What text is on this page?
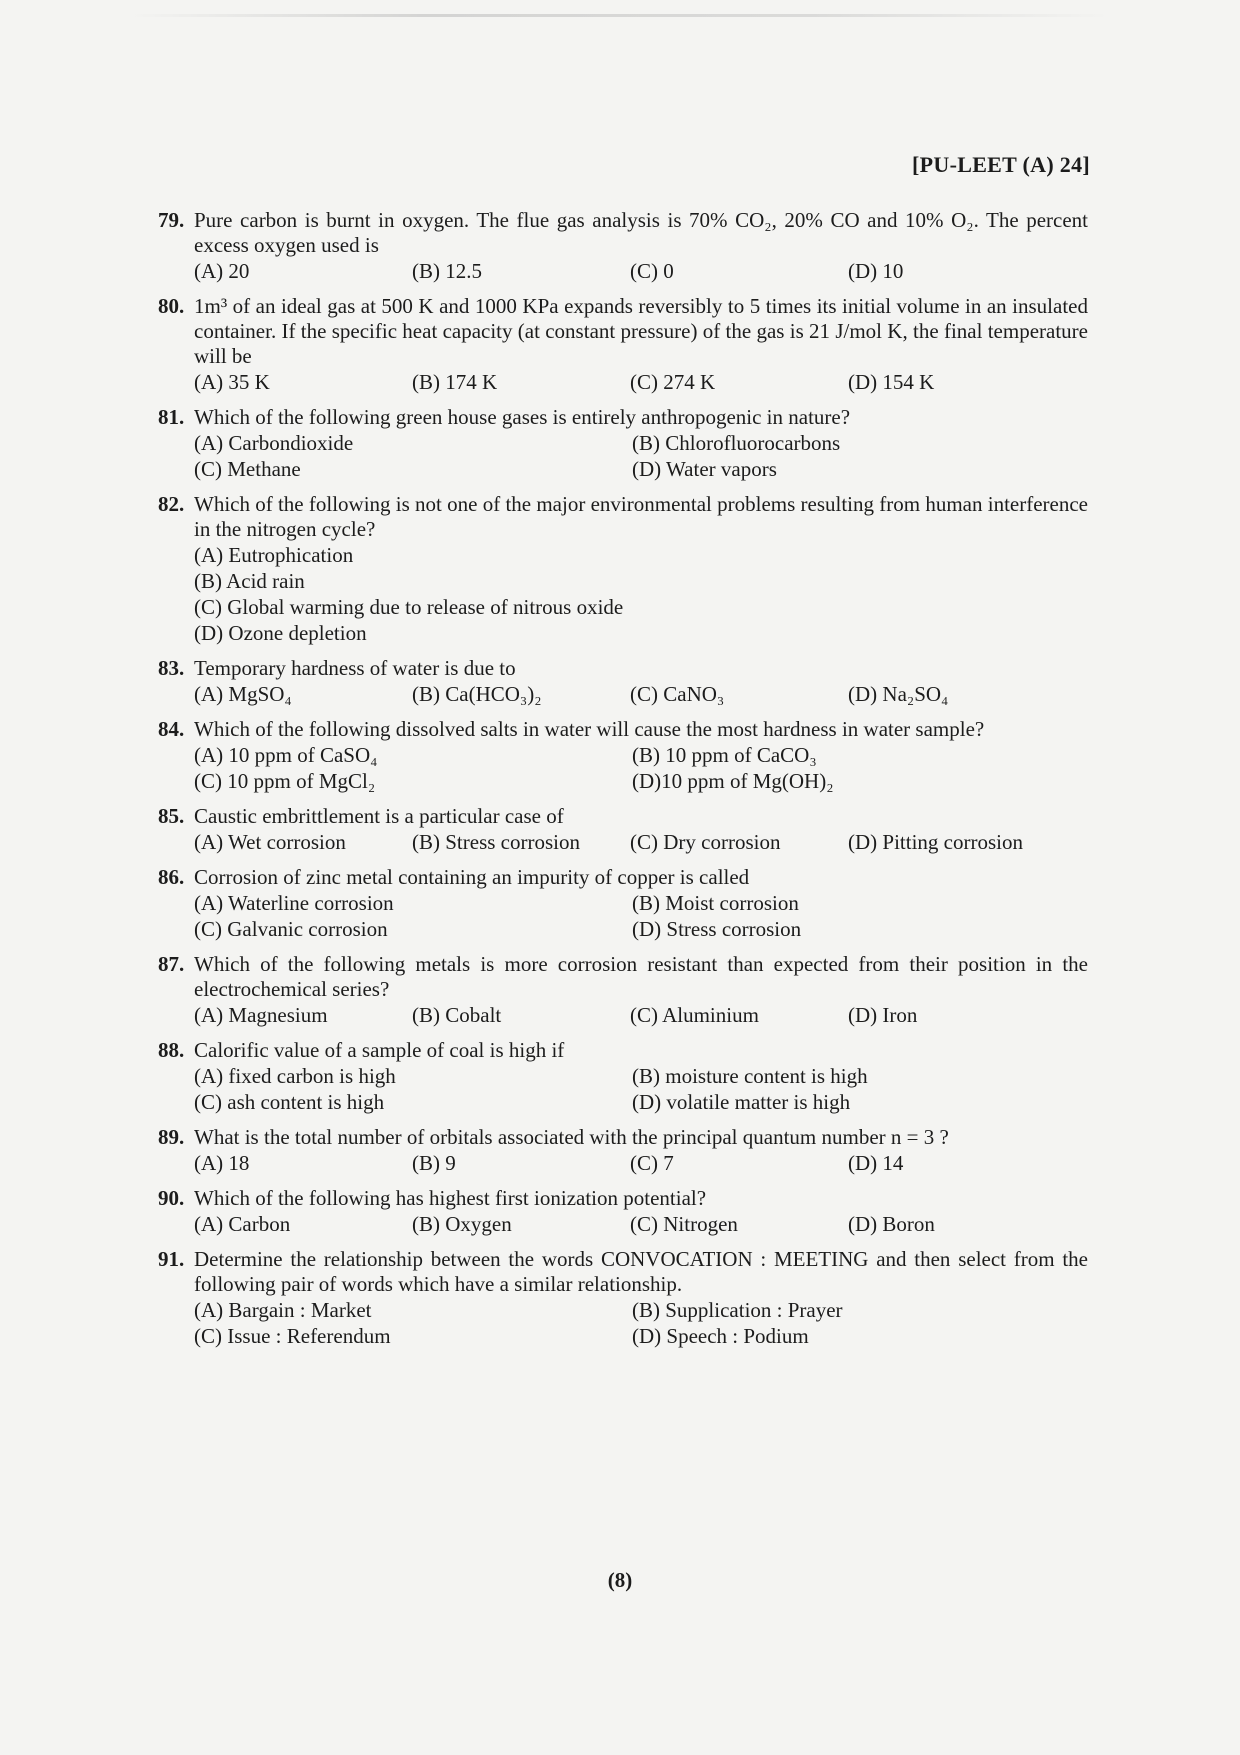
[PU-LEET (A) 24]
79. Pure carbon is burnt in oxygen. The flue gas analysis is 70% CO₂, 20% CO and 10% O₂. The percent excess oxygen used is
(A) 20	(B) 12.5	(C) 0	(D) 10
80. 1m³ of an ideal gas at 500 K and 1000 KPa expands reversibly to 5 times its initial volume in an insulated container. If the specific heat capacity (at constant pressure) of the gas is 21 J/mol K, the final temperature will be
(A) 35 K	(B) 174 K	(C) 274 K	(D) 154 K
81. Which of the following green house gases is entirely anthropogenic in nature?
(A) Carbondioxide	(B) Chlorofluorocarbons
(C) Methane	(D) Water vapors
82. Which of the following is not one of the major environmental problems resulting from human interference in the nitrogen cycle?
(A) Eutrophication
(B) Acid rain
(C) Global warming due to release of nitrous oxide
(D) Ozone depletion
83. Temporary hardness of water is due to
(A) MgSO₄	(B) Ca(HCO₃)₂	(C) CaNO₃	(D) Na₂SO₄
84. Which of the following dissolved salts in water will cause the most hardness in water sample?
(A) 10 ppm of CaSO₄	(B) 10 ppm of CaCO₃
(C) 10 ppm of MgCl₂	(D)10 ppm of Mg(OH)₂
85. Caustic embrittlement is a particular case of
(A) Wet corrosion	(B) Stress corrosion	(C) Dry corrosion	(D) Pitting corrosion
86. Corrosion of zinc metal containing an impurity of copper is called
(A) Waterline corrosion	(B) Moist corrosion
(C) Galvanic corrosion	(D) Stress corrosion
87. Which of the following metals is more corrosion resistant than expected from their position in the electrochemical series?
(A) Magnesium	(B) Cobalt	(C) Aluminium	(D) Iron
88. Calorific value of a sample of coal is high if
(A) fixed carbon is high	(B) moisture content is high
(C) ash content is high	(D) volatile matter is high
89. What is the total number of orbitals associated with the principal quantum number n = 3 ?
(A) 18	(B) 9	(C) 7	(D) 14
90. Which of the following has highest first ionization potential?
(A) Carbon	(B) Oxygen	(C) Nitrogen	(D) Boron
91. Determine the relationship between the words CONVOCATION : MEETING and then select from the following pair of words which have a similar relationship.
(A) Bargain : Market	(B) Supplication : Prayer
(C) Issue : Referendum	(D) Speech : Podium
(8)
